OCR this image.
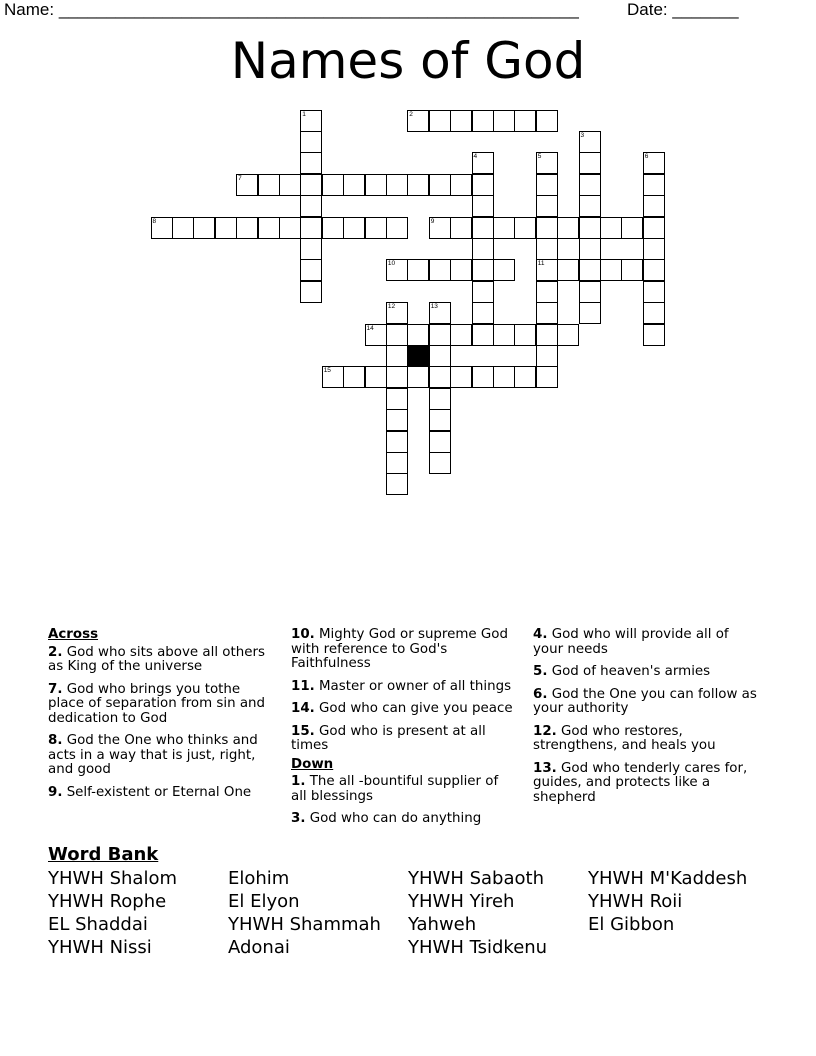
Name: _______________________________________________________	Date: _______
Names of God
1	2
3
4	5
11
6
7
8	9
10
12	13
14
15
Across
2. God who sits above all others as King of the universe
7. God who brings you tothe place of separation from sin and dedication to God
8. God the One who thinks and acts in a way that is just, right, and good
9. Self-existent or Eternal One
10. Mighty God or supreme God with reference to God's Faithfulness
11. Master or owner of all things
14. God who can give you peace
15. God who is present at all times
Down
1. The all -bountiful supplier of all blessings
3. God who can do anything
4. God who will provide all of your needs
5. God of heaven's armies
6. God the One you can follow as your authority
12. God who restores, strengthens, and heals you
13. God who tenderly cares for, guides, and protects like a shepherd
Word Bank
YHWH Shalom
YHWH Rophe
EL Shaddai
YHWH Nissi
Elohim
El Elyon
YHWH Shammah
Adonai
YHWH Sabaoth
YHWH Yireh
Yahweh
YHWH Tsidkenu
YHWH M'Kaddesh
YHWH Roii
El Gibbon
